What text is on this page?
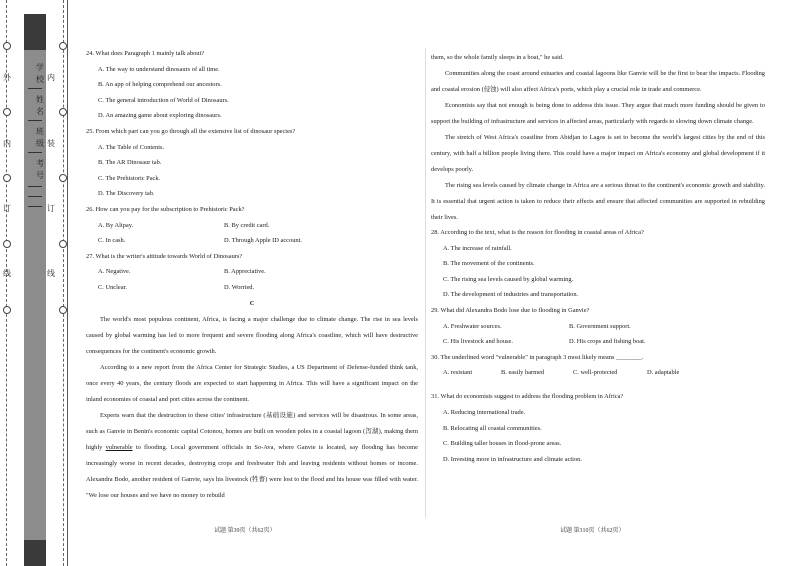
外
内
订
线
内
装
订
线
学
校
姓
名
班
级
考
号
24. What does Paragraph 1 mainly talk about?
A. The way to understand dinosaurs of all time.
B. An app of helping comprehend our ancestors.
C. The general introduction of World of Dinosaurs.
D. An amazing game about exploring dinosaurs.
25. From which part can you go through all the extensive list of dinosaur species?
A. The Table of Contents.
B. The AR Dinosaur tab.
C. The Prehistoric Pack.
D. The Discovery tab.
26. How can you pay for the subscription to Prehistoric Pack?
A. By Alipay.	B. By credit card.
C. In cash.	D. Through Apple ID account.
27. What is the writer's attitude towards World of Dinosaurs?
A. Negative.	B. Appreciative.
C. Unclear.	D. Worried.
C

The world's most populous continent, Africa, is facing a major challenge due to climate change. The rise in sea levels caused by global warming has led to more frequent and severe flooding along Africa's coastline, which will have destructive consequences for the continent's economic growth.

According to a new report from the Africa Center for Strategic Studies, a US Department of Defense-funded think tank, once every 40 years, the century floods are expected to start happening in Africa. This will have a significant impact on the inland economies of coastal and port cities across the continent.

Experts warn that the destruction to these cities' infrastructure (基础设施) and services will be disastrous. In some areas, such as Ganvie in Benin's economic capital Cotonou, homes are built on wooden poles in a coastal lagoon (泻湖), making them highly vulnerable to flooding. Local government officials in So-Ava, where Ganvie is located, say flooding has become increasingly worse in recent decades, destroying crops and freshwater fish and leaving residents without homes or income. Alexandra Bodo, another resident of Ganvie, says his livestock (牲畜) were lost to the flood and his house was filled with water. "We lose our houses and we have no money to rebuild

them, so the whole family sleeps in a boat," he said.

Communities along the coast around estuaries and coastal lagoons like Ganvie will be the first to bear the impacts. Flooding and coastal erosion (侵蚀) will also affect Africa's ports, which play a crucial role in trade and commerce.

Economists say that not enough is being done to address this issue. They argue that much more funding should be given to support the building of infrastructure and services in affected areas, particularly with regards to slowing down climate change.

The stretch of West Africa's coastline from Abidjan to Lagos is set to become the world's largest cities by the end of this century, with half a billion people living there. This could have a major impact on Africa's economy and global development if it develops poorly.

The rising sea levels caused by climate change in Africa are a serious threat to the continent's economic growth and stability. It is essential that urgent action is taken to reduce their effects and ensure that affected communities are supported in rebuilding their lives.

28. According to the text, what is the reason for flooding in coastal areas of Africa?
A. The increase of rainfall.
B. The movement of the continents.
C. The rising sea levels caused by global warming.
D. The development of industries and transportation.
29. What did Alexandra Bodo lose due to flooding in Ganvie?
A. Freshwater sources.	B. Government support.
C. His livestock and house.	D. His crops and fishing boat.
30. The underlined word "vulnerable" in paragraph 3 most likely means ________.
A. resistant	B. easily harmed	C. well-protected	D. adaptable
31. What do economists suggest to address the flooding problem in Africa?
A. Reducing international trade.
B. Relocating all coastal communities.
C. Building taller houses in flood-prone areas.
D. Investing more in infrastructure and climate action.
试题 第39页（共62页）	试题 第310页（共62页）
